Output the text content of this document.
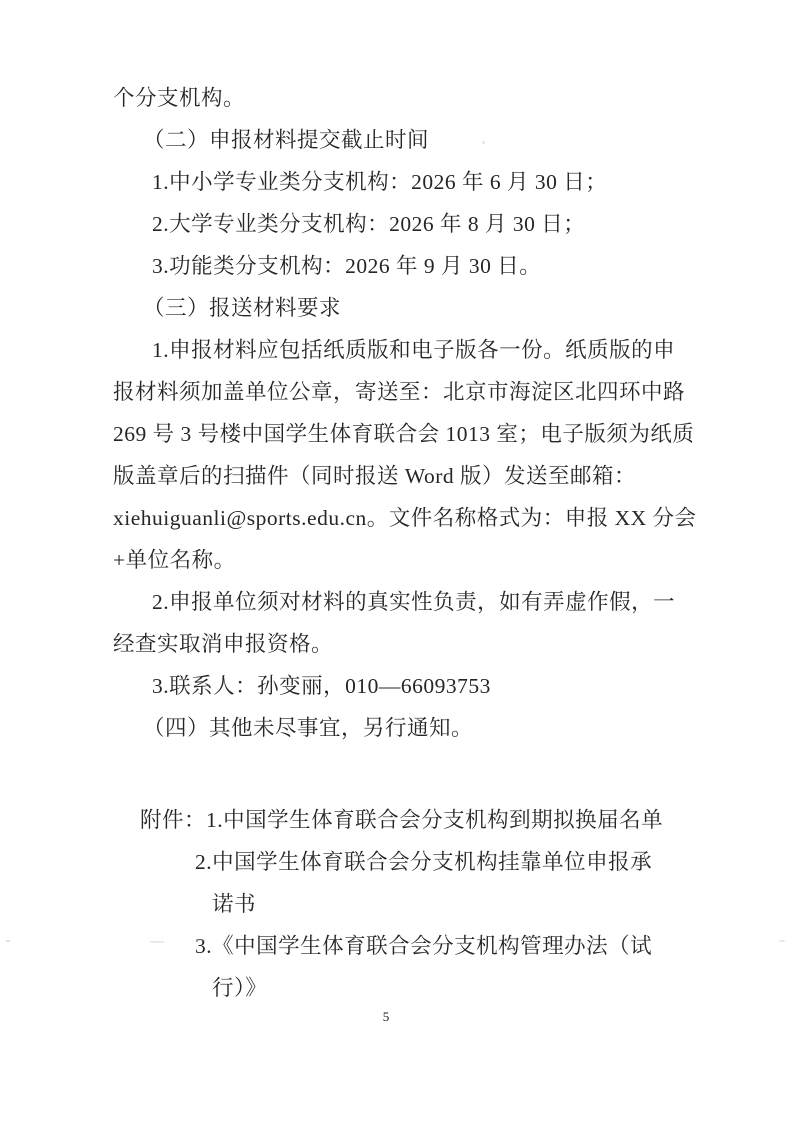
个分支机构。
（二）申报材料提交截止时间
1.中小学专业类分支机构：2026 年 6 月 30 日；
2.大学专业类分支机构：2026 年 8 月 30 日；
3.功能类分支机构：2026 年 9 月 30 日。
（三）报送材料要求
1.申报材料应包括纸质版和电子版各一份。纸质版的申
报材料须加盖单位公章，寄送至：北京市海淀区北四环中路
269 号 3 号楼中国学生体育联合会 1013 室；电子版须为纸质
版盖章后的扫描件（同时报送 Word 版）发送至邮箱：
xiehuiguanli@sports.edu.cn。文件名称格式为：申报 XX 分会
+单位名称。
2.申报单位须对材料的真实性负责，如有弄虚作假，一
经查实取消申报资格。
3.联系人：孙变丽，010—66093753
（四）其他未尽事宜，另行通知。
附件：1.中国学生体育联合会分支机构到期拟换届名单
2.中国学生体育联合会分支机构挂靠单位申报承
诺书
3.《中国学生体育联合会分支机构管理办法（试
行）》
5
